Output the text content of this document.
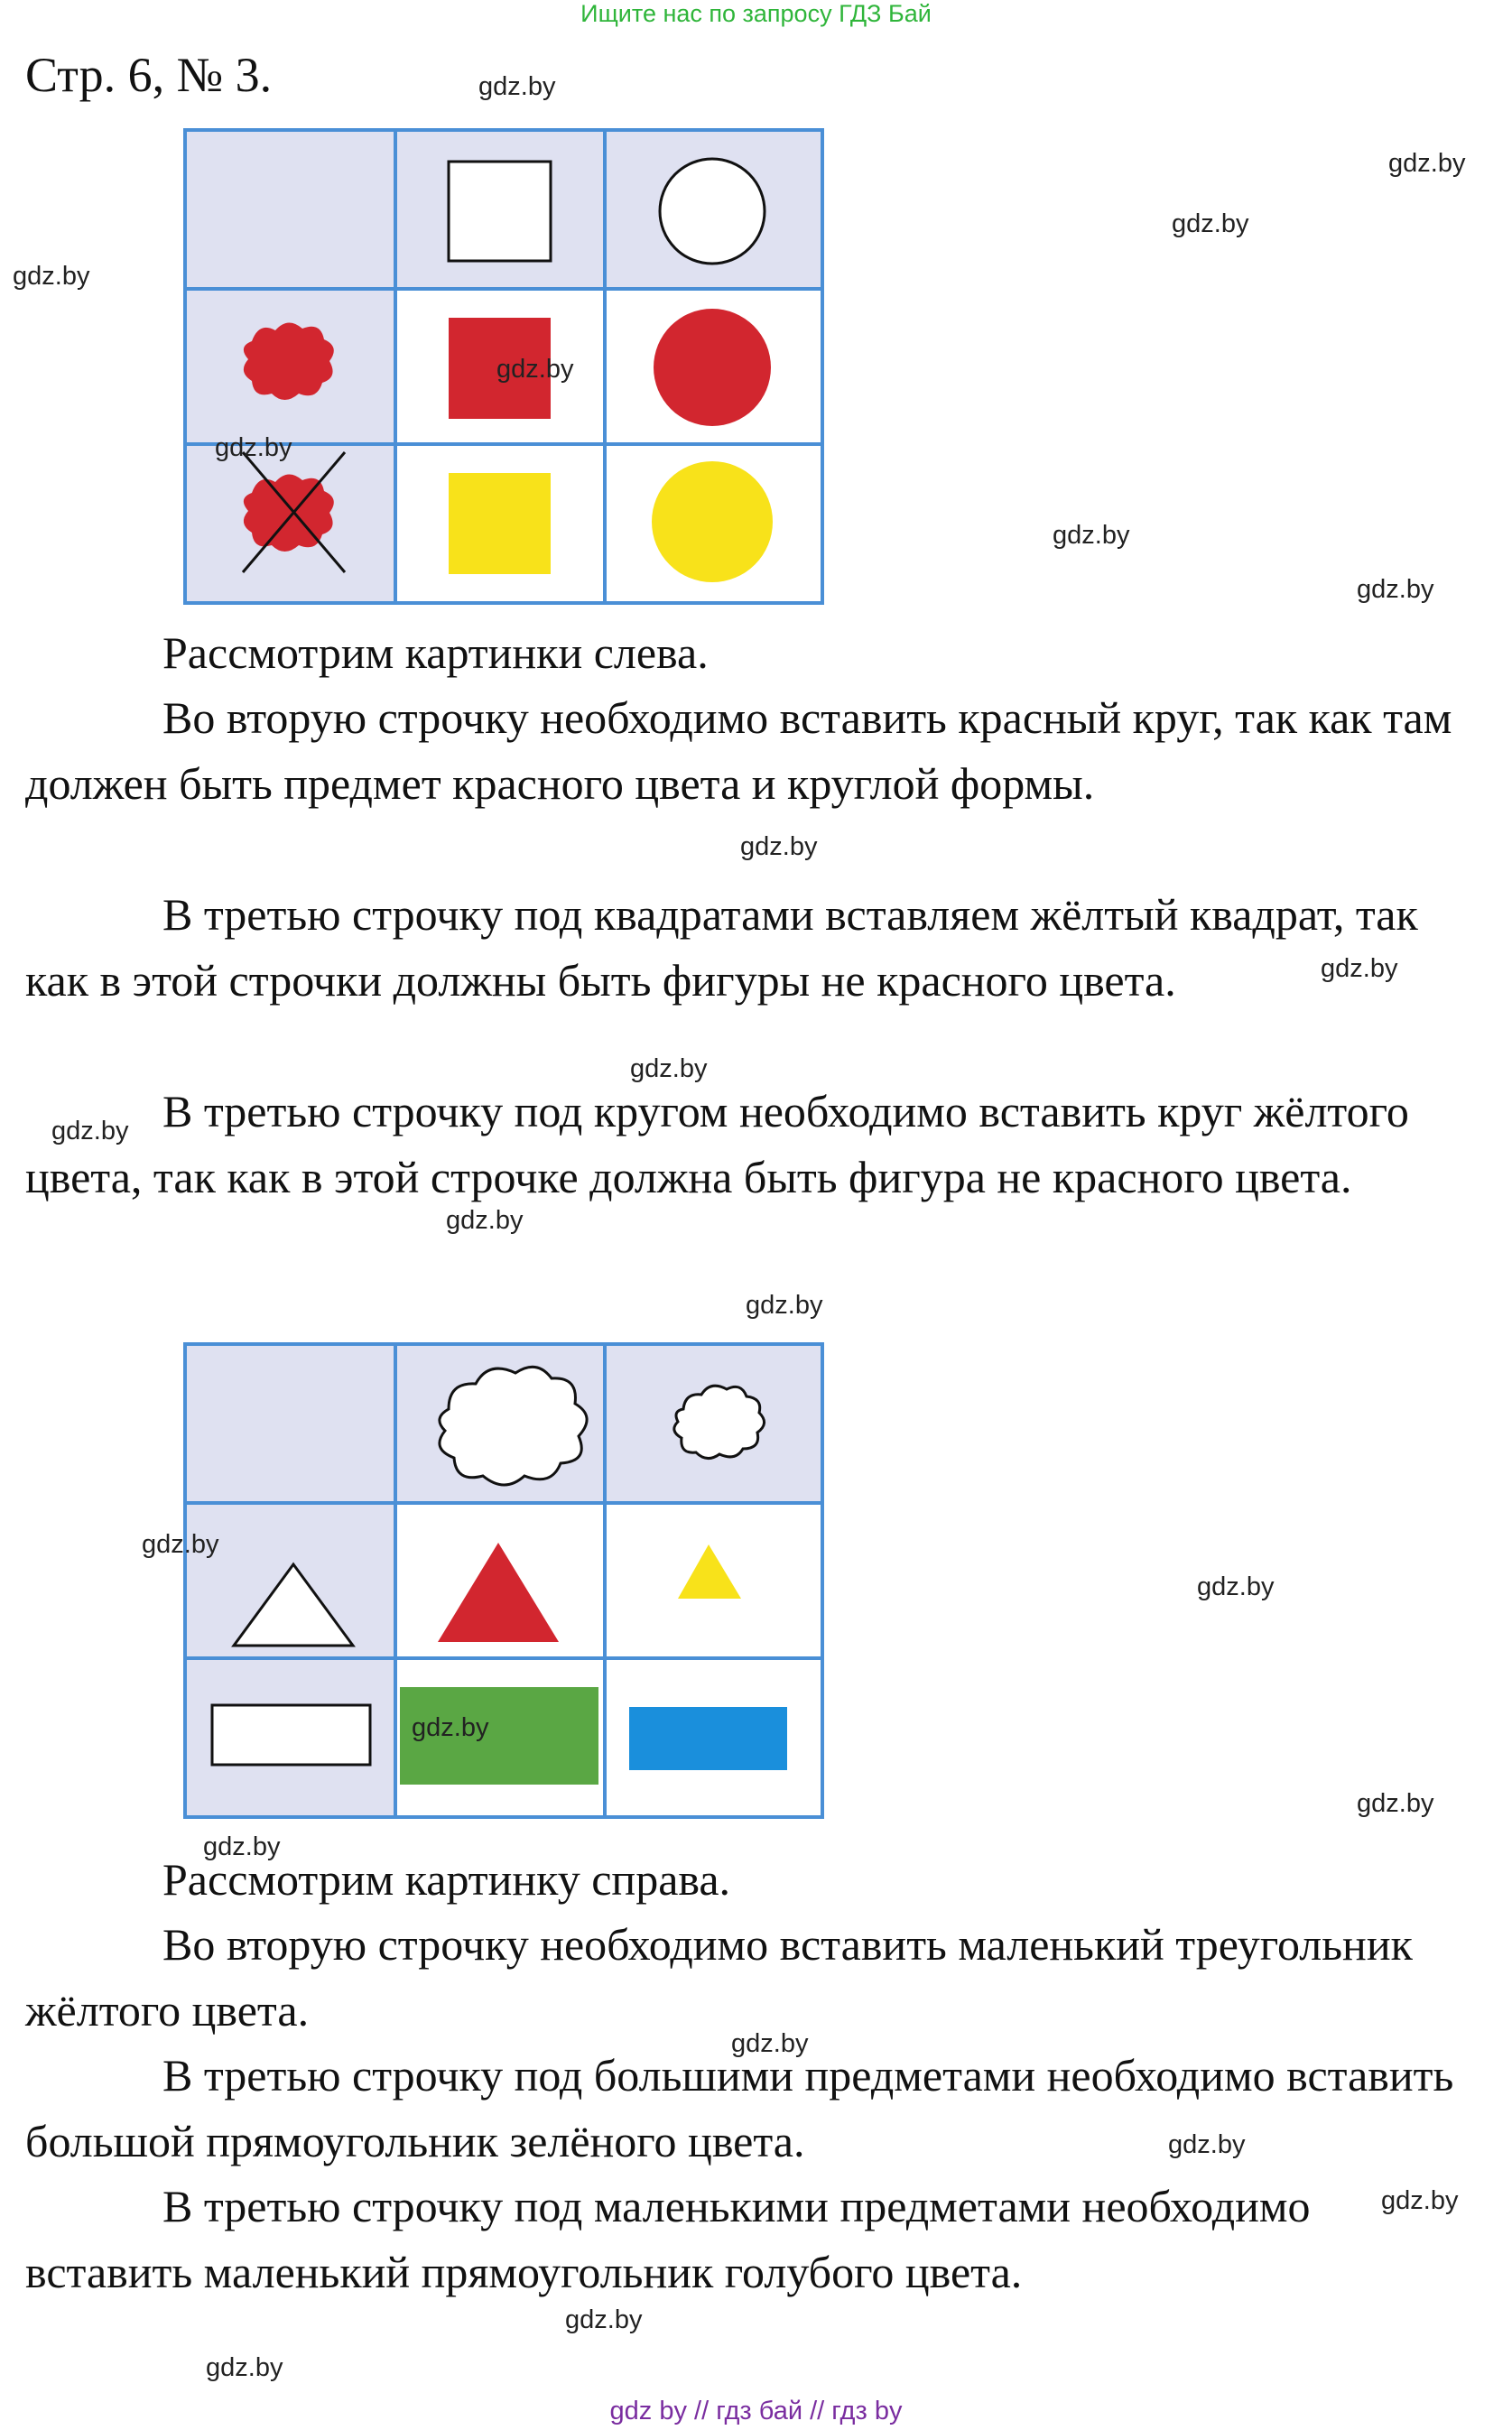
Ищите нас по запросу ГДЗ Бай
Стр. 6, № 3.

Рассмотрим картинки слева.

Во вторую строчку необходимо вставить красный круг, так как там должен быть предмет красного цвета и круглой формы.

В третью строчку под квадратами вставляем жёлтый квадрат, так как в этой строчки должны быть фигуры не красного цвета.

В третью строчку под кругом необходимо вставить круг жёлтого цвета, так как в этой строчке должна быть фигура не красного цвета.

Рассмотрим картинку справа.

Во вторую строчку необходимо вставить маленький треугольник жёлтого цвета.

В третью строчку под большими предметами необходимо вставить большой прямоугольник зелёного цвета.

В третью строчку под маленькими предметами необходимо вставить маленький прямоугольник голубого цвета.

gdz.by
gdz.by
gdz.by
gdz.by
gdz.by
gdz.by
gdz.by
gdz.by
gdz.by
gdz.by
gdz.by
gdz.by
gdz.by
gdz.by
gdz.by
gdz.by
gdz.by
gdz.by
gdz.by
gdz.by
gdz.by
gdz.by
gdz.by
gdz.by
gdz by // гдз бай // гдз by
